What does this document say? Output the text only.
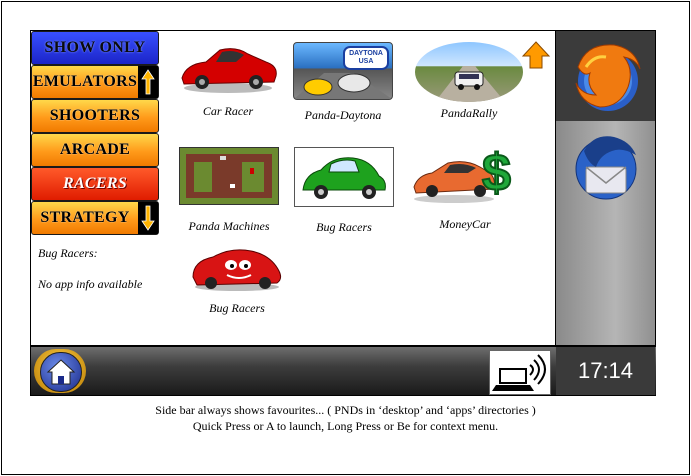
SHOW ONLY
EMULATORS
SHOOTERS
ARCADE
RACERS
STRATEGY
Bug Racers:
No app info available
Car Racer
DAYTONA USA
Panda-Daytona	PandaRally
Panda Machines	Bug Racers
$
MoneyCar
Bug Racers
17:14
Side bar always shows favourites... ( PNDs in ‘desktop’ and ‘apps’ directories )
Quick Press or A to launch, Long Press or Be for context menu.
